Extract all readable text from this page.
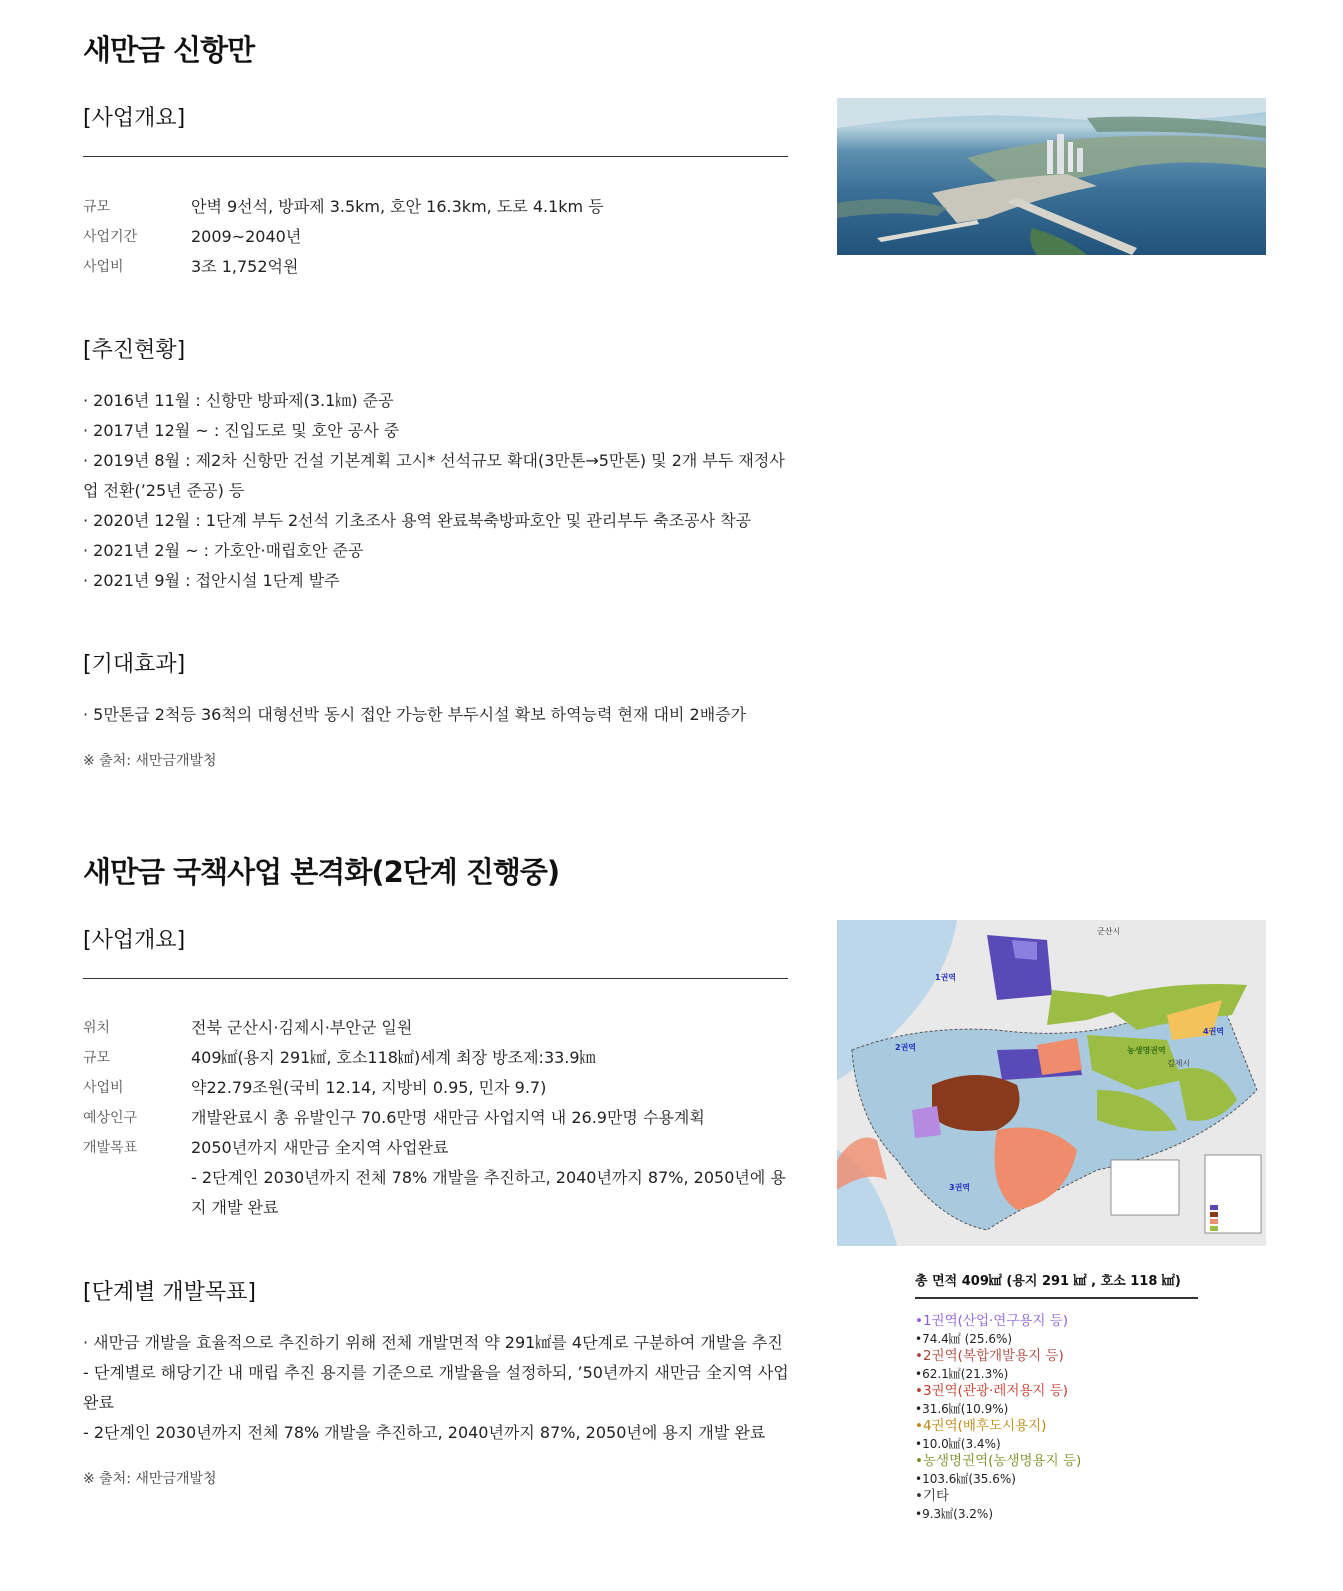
새만금 신항만
[사업개요]
규모	안벽 9선석, 방파제 3.5km, 호안 16.3km, 도로 4.1km 등
사업기간	2009~2040년
사업비	3조 1,752억원
[추진현황]
· 2016년 11월 : 신항만 방파제(3.1㎞) 준공
· 2017년 12월 ~ : 진입도로 및 호안 공사 중
· 2019년 8월 : 제2차 신항만 건설 기본계획 고시* 선석규모 확대(3만톤→5만톤) 및 2개 부두 재정사업 전환(’25년 준공) 등
· 2020년 12월 : 1단계 부두 2선석 기초조사 용역 완료북축방파호안 및 관리부두 축조공사 착공
· 2021년 2월 ~ : 가호안·매립호안 준공
· 2021년 9월 : 접안시설 1단계 발주
[기대효과]
· 5만톤급 2척등 36척의 대형선박 동시 접안 가능한 부두시설 확보 하역능력 현재 대비 2배증가
※ 출처: 새만금개발청
새만금 국책사업 본격화(2단계 진행중)
[사업개요]
위치	전북 군산시·김제시·부안군 일원
규모	409㎢(용지 291㎢, 호소118㎢)세계 최장 방조제:33.9㎞
사업비	약22.79조원(국비 12.14, 지방비 0.95, 민자 9.7)
예상인구	개발완료시 총 유발인구 70.6만명 새만금 사업지역 내 26.9만명 수용계획
개발목표	2050년까지 새만금 全지역 사업완료
- 2단계인 2030년까지 전체 78% 개발을 추진하고, 2040년까지 87%, 2050년에 용지 개발 완료
[단계별 개발목표]
· 새만금 개발을 효율적으로 추진하기 위해 전체 개발면적 약 291㎢를 4단계로 구분하여 개발을 추진
- 단계별로 해당기간 내 매립 추진 용지를 기준으로 개발율을 설정하되, ’50년까지 새만금 全지역 사업완료
- 2단계인 2030년까지 전체 78% 개발을 추진하고, 2040년까지 87%, 2050년에 용지 개발 완료
※ 출처: 새만금개발청
군산시
김제시
1권역
2권역
3권역
4권역
농생명권역
총 면적 409㎢ (용지 291 ㎢ , 호소 118 ㎢)
•1권역(산업·연구용지 등)
•74.4㎢ (25.6%)
•2권역(복합개발용지 등)
•62.1㎢(21.3%)
•3권역(관광·레저용지 등)
•31.6㎢(10.9%)
•4권역(배후도시용지)
•10.0㎢(3.4%)
•농생명권역(농생명용지 등)
•103.6㎢(35.6%)
•기타
•9.3㎢(3.2%)
